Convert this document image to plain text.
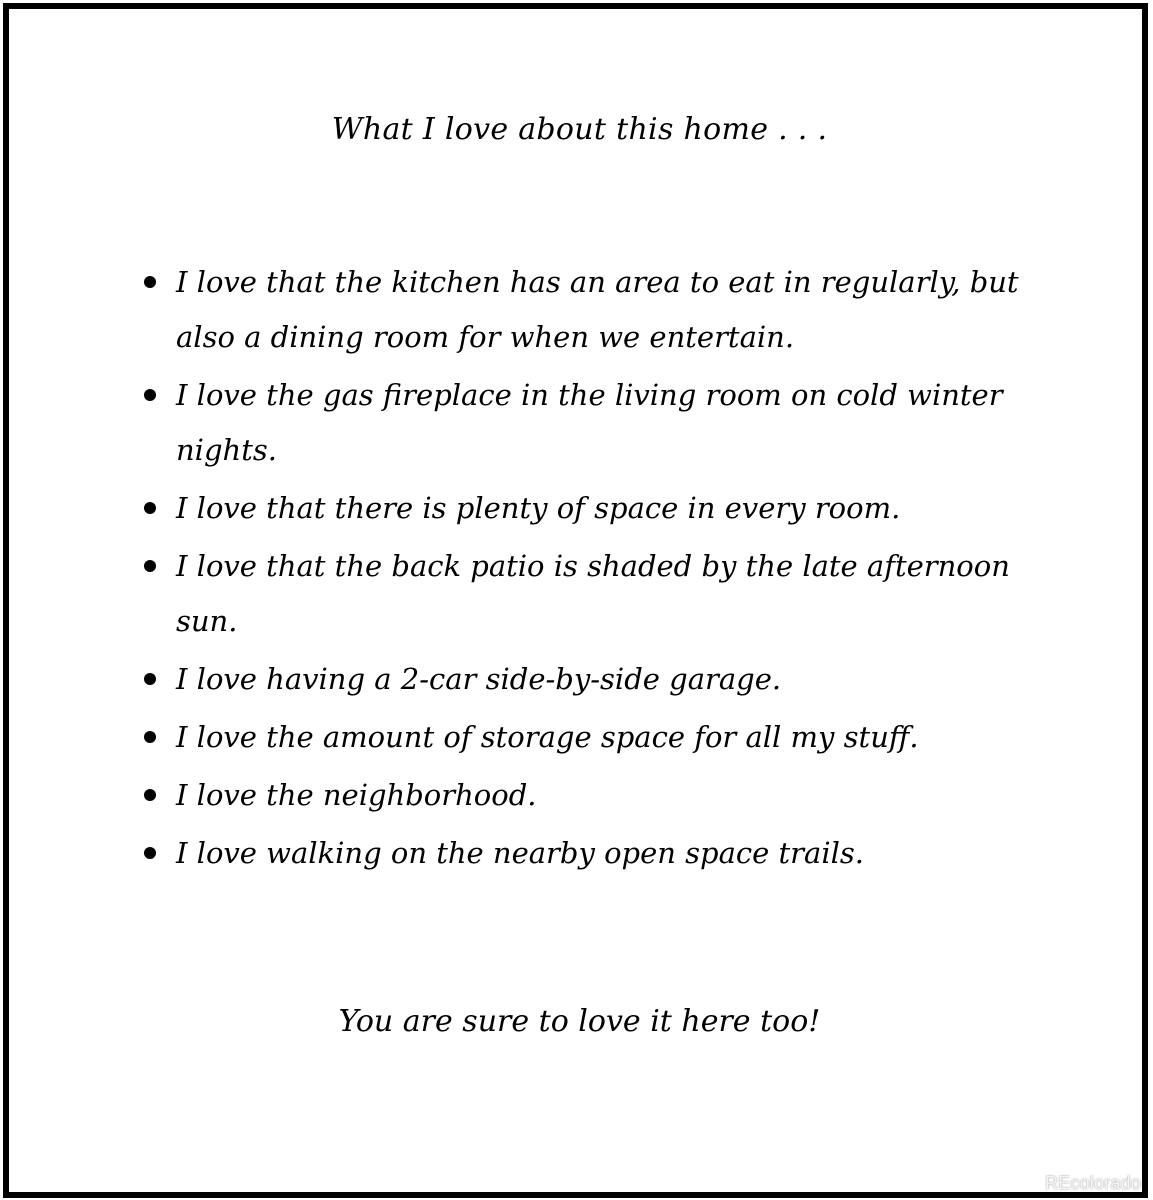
What I love about this home . . .
I love that the kitchen has an area to eat in regularly, but also a dining room for when we entertain.
I love the gas fireplace in the living room on cold winter nights.
I love that there is plenty of space in every room.
I love that the back patio is shaded by the late afternoon sun.
I love having a 2-car side-by-side garage.
I love the amount of storage space for all my stuff.
I love the neighborhood.
I love walking on the nearby open space trails.
You are sure to love it here too!
REcolorado
